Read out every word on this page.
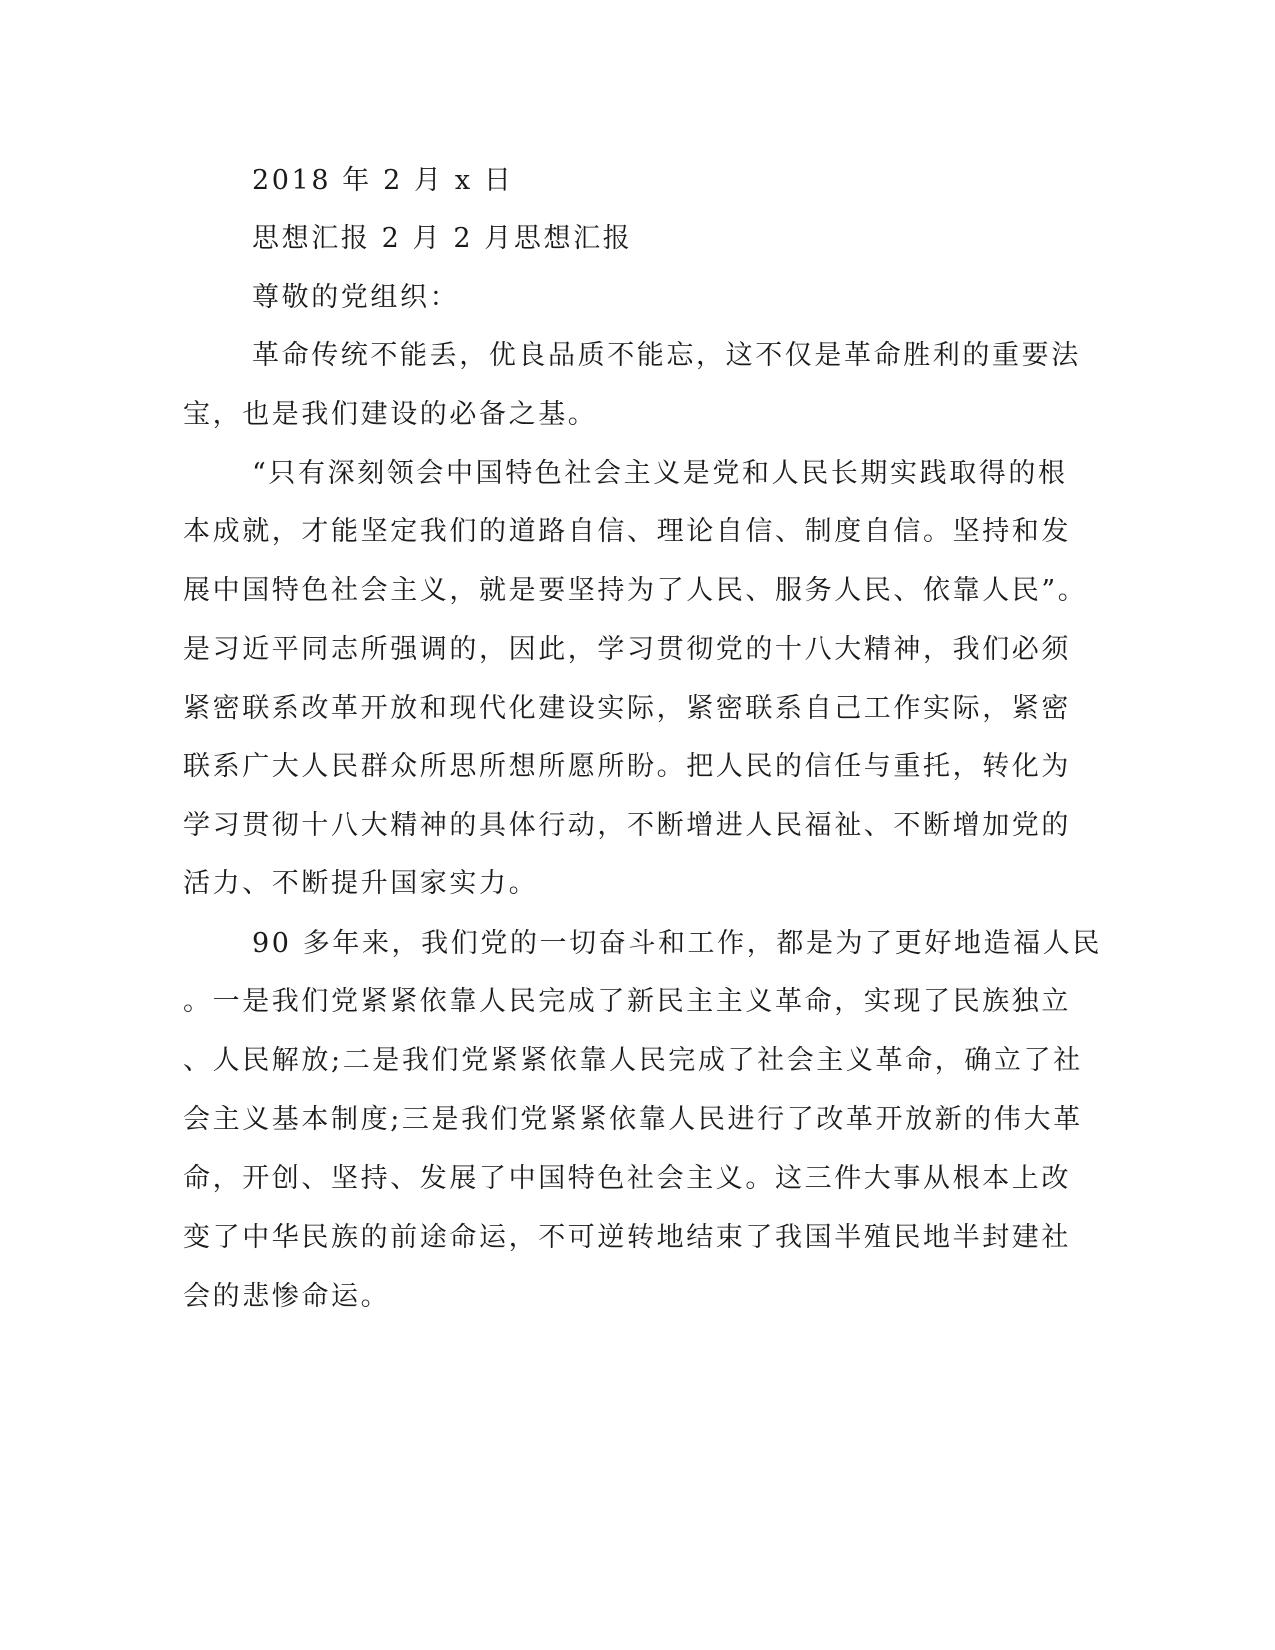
2018 年 2 月 x 日
思想汇报 2 月 2 月思想汇报
尊敬的党组织：
革命传统不能丢，优良品质不能忘，这不仅是革命胜利的重要法
宝，也是我们建设的必备之基。
“只有深刻领会中国特色社会主义是党和人民长期实践取得的根
本成就，才能坚定我们的道路自信、理论自信、制度自信。坚持和发
展中国特色社会主义，就是要坚持为了人民、服务人民、依靠人民”。
是习近平同志所强调的，因此，学习贯彻党的十八大精神，我们必须
紧密联系改革开放和现代化建设实际，紧密联系自己工作实际，紧密
联系广大人民群众所思所想所愿所盼。把人民的信任与重托，转化为
学习贯彻十八大精神的具体行动，不断增进人民福祉、不断增加党的
活力、不断提升国家实力。
90 多年来，我们党的一切奋斗和工作，都是为了更好地造福人民
。一是我们党紧紧依靠人民完成了新民主主义革命，实现了民族独立
、人民解放;二是我们党紧紧依靠人民完成了社会主义革命，确立了社
会主义基本制度;三是我们党紧紧依靠人民进行了改革开放新的伟大革
命，开创、坚持、发展了中国特色社会主义。这三件大事从根本上改
变了中华民族的前途命运，不可逆转地结束了我国半殖民地半封建社
会的悲惨命运。
